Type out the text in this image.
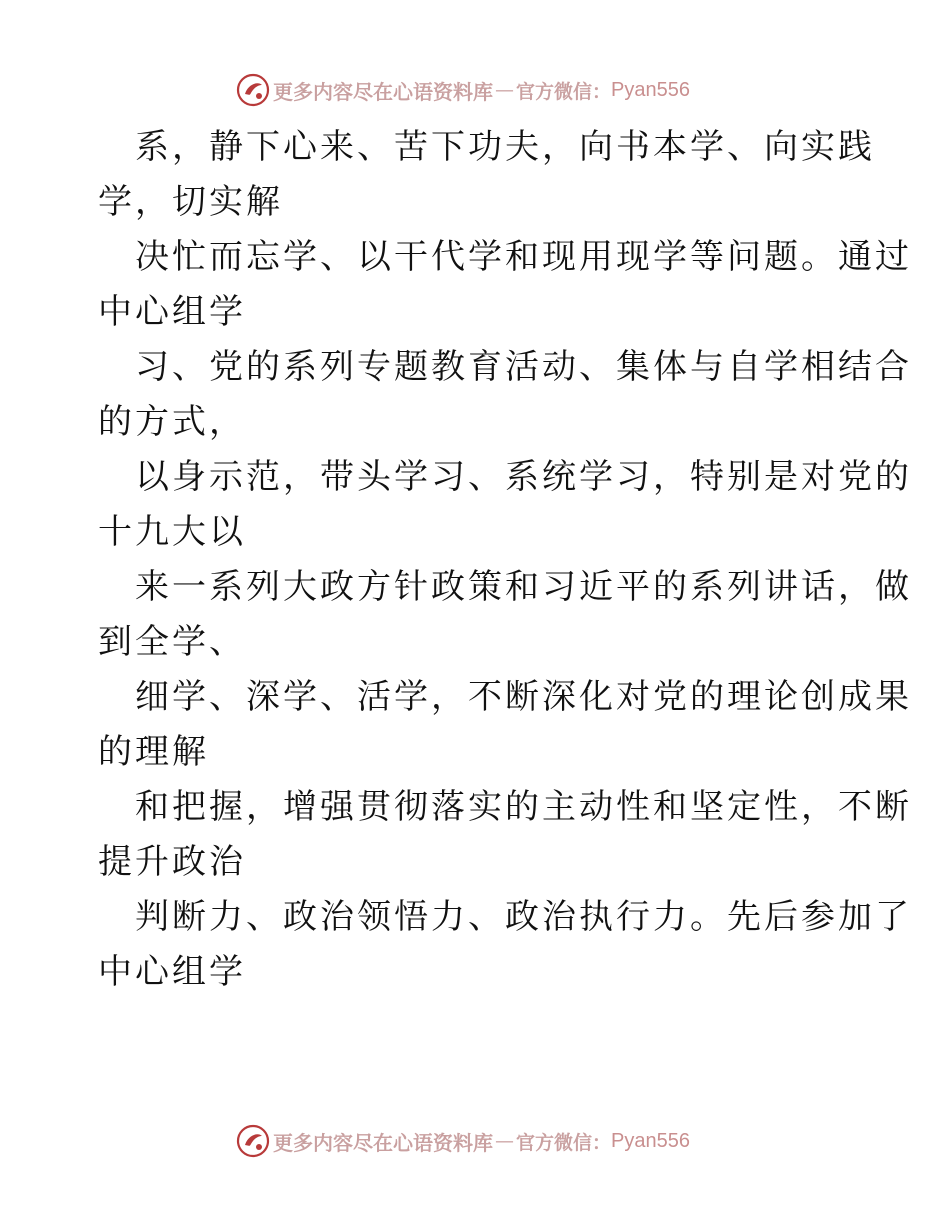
更多内容尽在心语资料库 — 官方微信： Pyan556
系，静下心来、苦下功夫，向书本学、向实践
学，切实解
决忙而忘学、以干代学和现用现学等问题。通过
中心组学
习、党的系列专题教育活动、集体与自学相结合
的方式，
以身示范，带头学习、系统学习，特别是对党的
十九大以
来一系列大政方针政策和习近平的系列讲话，做
到全学、
细学、深学、活学，不断深化对党的理论创成果
的理解
和把握，增强贯彻落实的主动性和坚定性，不断
提升政治
判断力、政治领悟力、政治执行力。先后参加了
中心组学
更多内容尽在心语资料库 — 官方微信： Pyan556
